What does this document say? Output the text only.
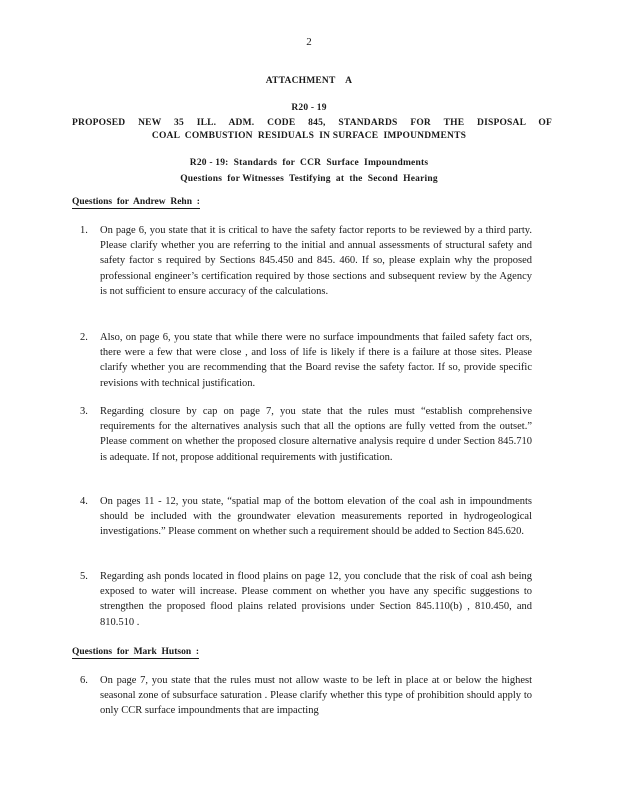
2
ATTACHMENT    A
R20 - 19
PROPOSED NEW 35 ILL. ADM. CODE 845, STANDARDS FOR THE DISPOSAL OF
COAL  COMBUSTION  RESIDUALS  IN SURFACE  IMPOUNDMENTS
R20 - 19:  Standards  for  CCR  Surface  Impoundments
Questions  for Witnesses  Testifying  at  the  Second  Hearing
Questions  for  Andrew  Rehn  :
1.	On page 6, you state that it is critical to have the safety factor reports to be reviewed by a third party. Please clarify whether you are referring to the initial and annual assessments of structural safety and safety factor s required by Sections 845.450 and 845. 460. If so, please explain why the proposed professional engineer’s certification required by those sections and subsequent review by the Agency is not sufficient to ensure accuracy of the calculations.
2.	Also, on page 6, you state that while there were no surface impoundments that failed safety fact ors, there were a few that were close , and loss of life is likely if there is a failure at those sites. Please clarify whether you are recommending that the Board revise the safety factor. If so, provide specific revisions with technical justification.
3.	Regarding closure by cap on page 7, you state that the rules must “establish comprehensive requirements for the alternatives analysis such that all the options are fully vetted from the outset.” Please comment on whether the proposed closure alternative analysis require d under Section 845.710 is adequate. If not, propose additional requirements with justification.
4.	On pages 11 - 12, you state, “spatial map of the bottom elevation of the coal ash in impoundments should be included with the groundwater elevation measurements reported in hydrogeological investigations.” Please comment on whether such a requirement should be added to Section 845.620.
5.	Regarding ash ponds located in flood plains on page 12, you conclude that the risk of coal ash being exposed to water will increase. Please comment on whether you have any specific suggestions to strengthen the proposed flood plains related provisions under Section 845.110(b) , 810.450, and 810.510 .
Questions  for  Mark  Hutson  :
6.	On page 7, you state that the rules must not allow waste to be left in place at or below the highest seasonal zone of subsurface saturation . Please clarify whether this type of prohibition should apply to only CCR surface impoundments that are impacting
